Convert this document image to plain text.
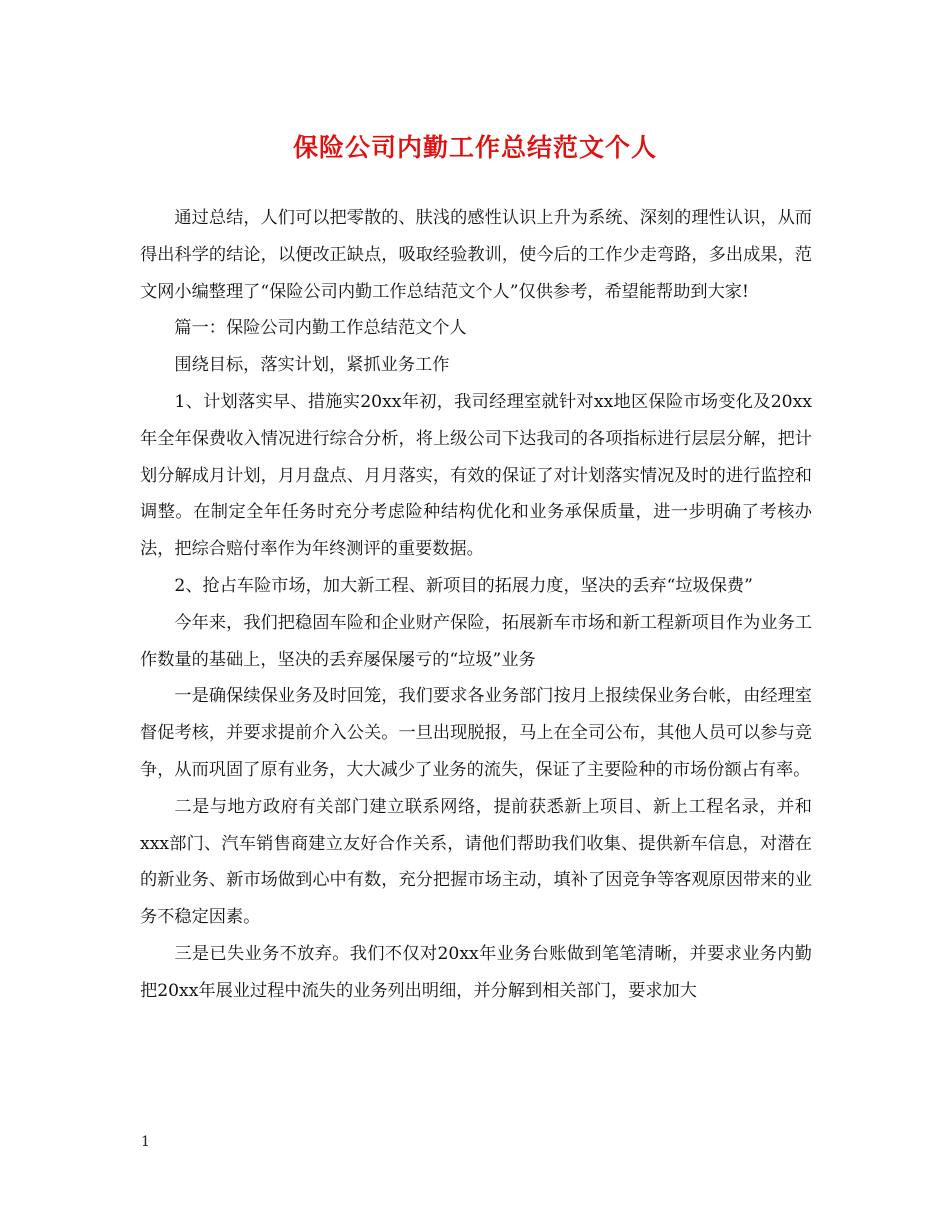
保险公司内勤工作总结范文个人

通过总结，人们可以把零散的、肤浅的感性认识上升为系统、深刻的理性认识，从而得出科学的结论，以便改正缺点，吸取经验教训，使今后的工作少走弯路，多出成果，范文网小编整理了“保险公司内勤工作总结范文个人”仅供参考，希望能帮助到大家!

篇一：保险公司内勤工作总结范文个人

围绕目标，落实计划，紧抓业务工作

1、计划落实早、措施实20xx年初，我司经理室就针对xx地区保险市场变化及20xx年全年保费收入情况进行综合分析，将上级公司下达我司的各项指标进行层层分解，把计划分解成月计划，月月盘点、月月落实，有效的保证了对计划落实情况及时的进行监控和调整。在制定全年任务时充分考虑险种结构优化和业务承保质量，进一步明确了考核办法，把综合赔付率作为年终测评的重要数据。

2、抢占车险市场，加大新工程、新项目的拓展力度，坚决的丢弃“垃圾保费”

今年来，我们把稳固车险和企业财产保险，拓展新车市场和新工程新项目作为业务工作数量的基础上，坚决的丢弃屡保屡亏的“垃圾”业务

一是确保续保业务及时回笼，我们要求各业务部门按月上报续保业务台帐，由经理室督促考核，并要求提前介入公关。一旦出现脱报，马上在全司公布，其他人员可以参与竞争，从而巩固了原有业务，大大减少了业务的流失，保证了主要险种的市场份额占有率。

二是与地方政府有关部门建立联系网络，提前获悉新上项目、新上工程名录，并和xxx部门、汽车销售商建立友好合作关系，请他们帮助我们收集、提供新车信息，对潜在的新业务、新市场做到心中有数，充分把握市场主动，填补了因竞争等客观原因带来的业务不稳定因素。

三是已失业务不放弃。我们不仅对20xx年业务台账做到笔笔清晰，并要求业务内勤把20xx年展业过程中流失的业务列出明细，并分解到相关部门，要求加大

1
